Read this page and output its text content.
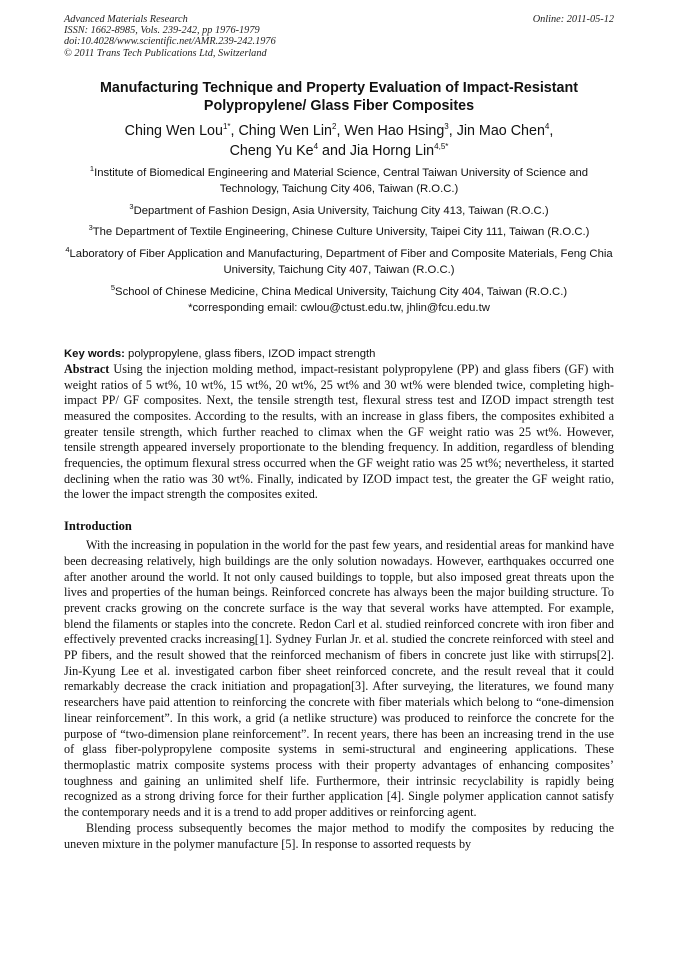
Advanced Materials Research
ISSN: 1662-8985, Vols. 239-242, pp 1976-1979
doi:10.4028/www.scientific.net/AMR.239-242.1976
© 2011 Trans Tech Publications Ltd, Switzerland
Online: 2011-05-12
Manufacturing Technique and Property Evaluation of Impact-Resistant
Polypropylene/ Glass Fiber Composites
Ching Wen Lou$^{1*}$, Ching Wen Lin$^2$, Wen Hao Hsing$^3$, Jin Mao Chen$^4$,
Cheng Yu Ke$^4$ and Jia Horng Lin$^{4,5*}$
$^1$Institute of Biomedical Engineering and Material Science, Central Taiwan University of Science and Technology, Taichung City 406, Taiwan (R.O.C.)
$^3$Department of Fashion Design, Asia University, Taichung City 413, Taiwan (R.O.C.)
$^3$The Department of Textile Engineering, Chinese Culture University, Taipei City 111, Taiwan (R.O.C.)
$^4$Laboratory of Fiber Application and Manufacturing, Department of Fiber and Composite Materials, Feng Chia University, Taichung City 407, Taiwan (R.O.C.)
$^5$School of Chinese Medicine, China Medical University, Taichung City 404, Taiwan (R.O.C.)
*corresponding email: cwlou@ctust.edu.tw, jhlin@fcu.edu.tw
Key words: polypropylene, glass fibers, IZOD impact strength
Abstract Using the injection molding method, impact-resistant polypropylene (PP) and glass fibers (GF) with weight ratios of 5 wt%, 10 wt%, 15 wt%, 20 wt%, 25 wt% and 30 wt% were blended twice, completing high-impact PP/ GF composites. Next, the tensile strength test, flexural stress test and IZOD impact strength test measured the composites. According to the results, with an increase in glass fibers, the composites exhibited a greater tensile strength, which further reached to climax when the GF weight ratio was 25 wt%. However, tensile strength appeared inversely proportionate to the blending frequency. In addition, regardless of blending frequencies, the optimum flexural stress occurred when the GF weight ratio was 25 wt%; nevertheless, it started declining when the ratio was 30 wt%. Finally, indicated by IZOD impact test, the greater the GF weight ratio, the lower the impact strength the composites exited.
Introduction
With the increasing in population in the world for the past few years, and residential areas for mankind have been decreasing relatively, high buildings are the only solution nowadays. However, earthquakes occurred one after another around the world. It not only caused buildings to topple, but also imposed great threats upon the lives and properties of the human beings. Reinforced concrete has always been the major building structure. To prevent cracks growing on the concrete surface is the way that several works have attempted. For example, blend the filaments or staples into the concrete. Redon Carl et al. studied reinforced concrete with iron fiber and effectively prevented cracks increasing[1]. Sydney Furlan Jr. et al. studied the concrete reinforced with steel and PP fibers, and the result showed that the reinforced mechanism of fibers in concrete just like with stirrups[2]. Jin-Kyung Lee et al. investigated carbon fiber sheet reinforced concrete, and the result reveal that it could remarkably decrease the crack initiation and propagation[3]. After surveying, the literatures, we found many researchers have paid attention to reinforcing the concrete with fiber materials which belong to “one-dimension linear reinforcement”. In this work, a grid (a netlike structure) was produced to reinforce the concrete for the purpose of “two-dimension plane reinforcement”. In recent years, there has been an increasing trend in the use of glass fiber-polypropylene composite systems in semi-structural and engineering applications. These thermoplastic matrix composite systems process with their property advantages of enhancing composites’ toughness and gaining an unlimited shelf life. Furthermore, their intrinsic recyclability is rapidly being recognized as a strong driving force for their further application [4]. Single polymer application cannot satisfy the contemporary needs and it is a trend to add proper additives or reinforcing agent.
Blending process subsequently becomes the major method to modify the composites by reducing the uneven mixture in the polymer manufacture [5]. In response to assorted requests by
